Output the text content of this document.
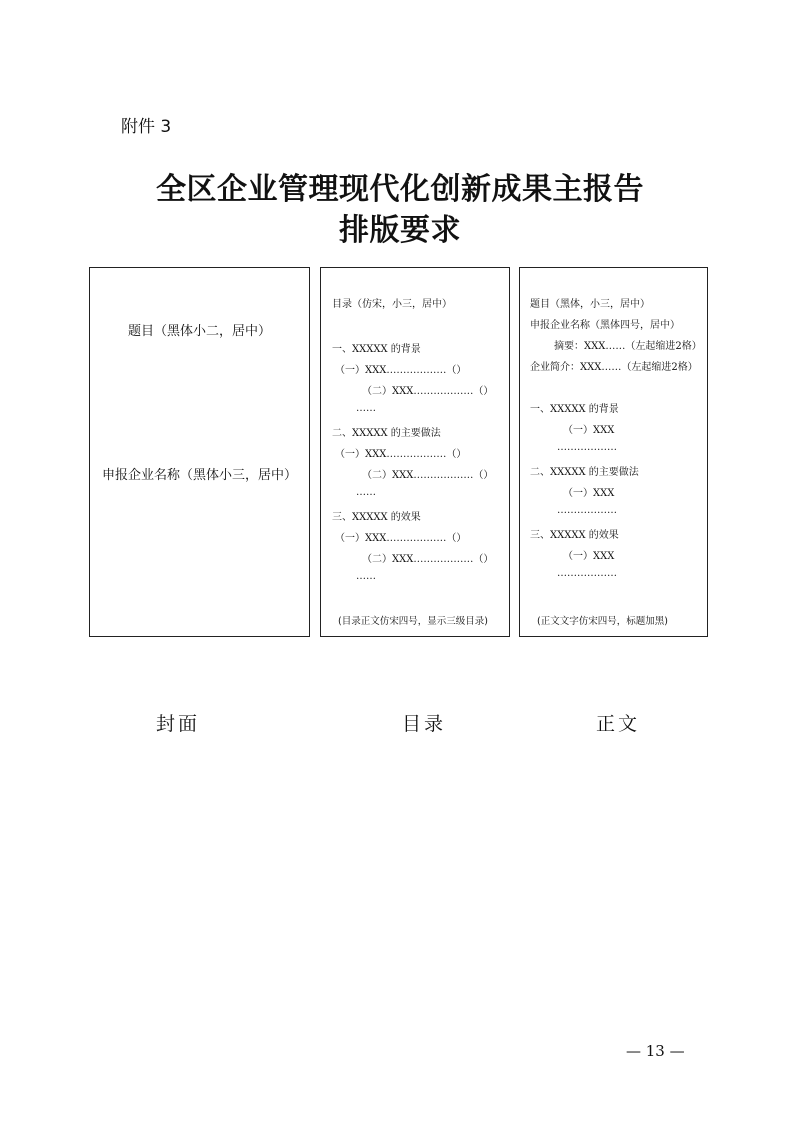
附件 3
全区企业管理现代化创新成果主报告
排版要求
题目（黑体小二，居中）
申报企业名称（黑体小三，居中）
目录（仿宋，小三，居中）
一、XXXXX 的背景
（一）XXX………………（）
（二）XXX………………（）
……
二、XXXXX 的主要做法
（一）XXX………………（）
（二）XXX………………（）
……
三、XXXXX 的效果
（一）XXX………………（）
（二）XXX………………（）
……
(目录正文仿宋四号，显示三级目录)
题目（黑体，小三，居中）
申报企业名称（黑体四号，居中）
摘要：XXX……（左起缩进2格）
企业简介：XXX……（左起缩进2格）
一、XXXXX 的背景
（一）XXX
………………
二、XXXXX 的主要做法
（一）XXX
………………
三、XXXXX 的效果
（一）XXX
………………
(正文文字仿宋四号，标题加黑)
封面	目录	正文
— 13 —
